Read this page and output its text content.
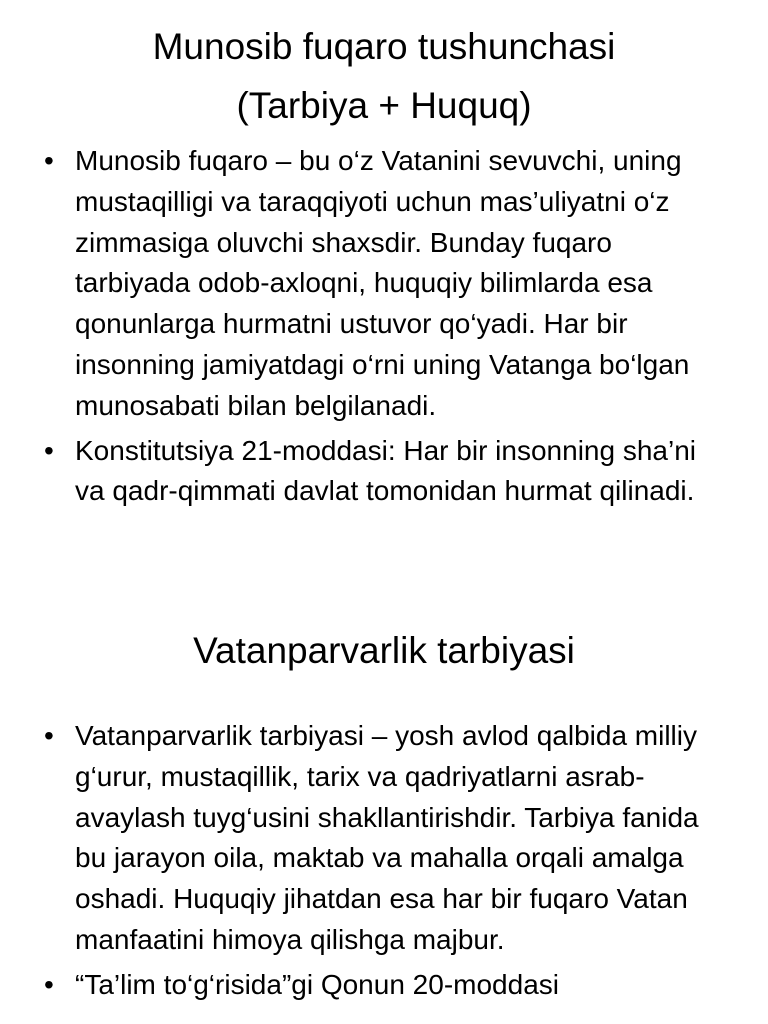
Munosib fuqaro tushunchasi
(Tarbiya + Huquq)
• Munosib fuqaro – bu o‘z Vatanini sevuvchi, uning mustaqilligi va taraqqiyoti uchun mas’uliyatni o‘z zimmasiga oluvchi shaxsdir. Bunday fuqaro tarbiyada odob-axloqni, huquqiy bilimlarda esa qonunlarga hurmatni ustuvor qo‘yadi. Har bir insonning jamiyatdagi o‘rni uning Vatanga bo‘lgan munosabati bilan belgilanadi.
• Konstitutsiya 21-moddasi: Har bir insonning sha’ni va qadr-qimmati davlat tomonidan hurmat qilinadi.
Vatanparvarlik tarbiyasi
• Vatanparvarlik tarbiyasi – yosh avlod qalbida milliy g‘urur, mustaqillik, tarix va qadriyatlarni asrab-avaylash tuyg‘usini shakllantirishdir. Tarbiya fanida bu jarayon oila, maktab va mahalla orqali amalga oshadi. Huquqiy jihatdan esa har bir fuqaro Vatan manfaatini himoya qilishga majbur.
• “Ta’lim to‘g‘risida”gi Qonun 20-moddasi
